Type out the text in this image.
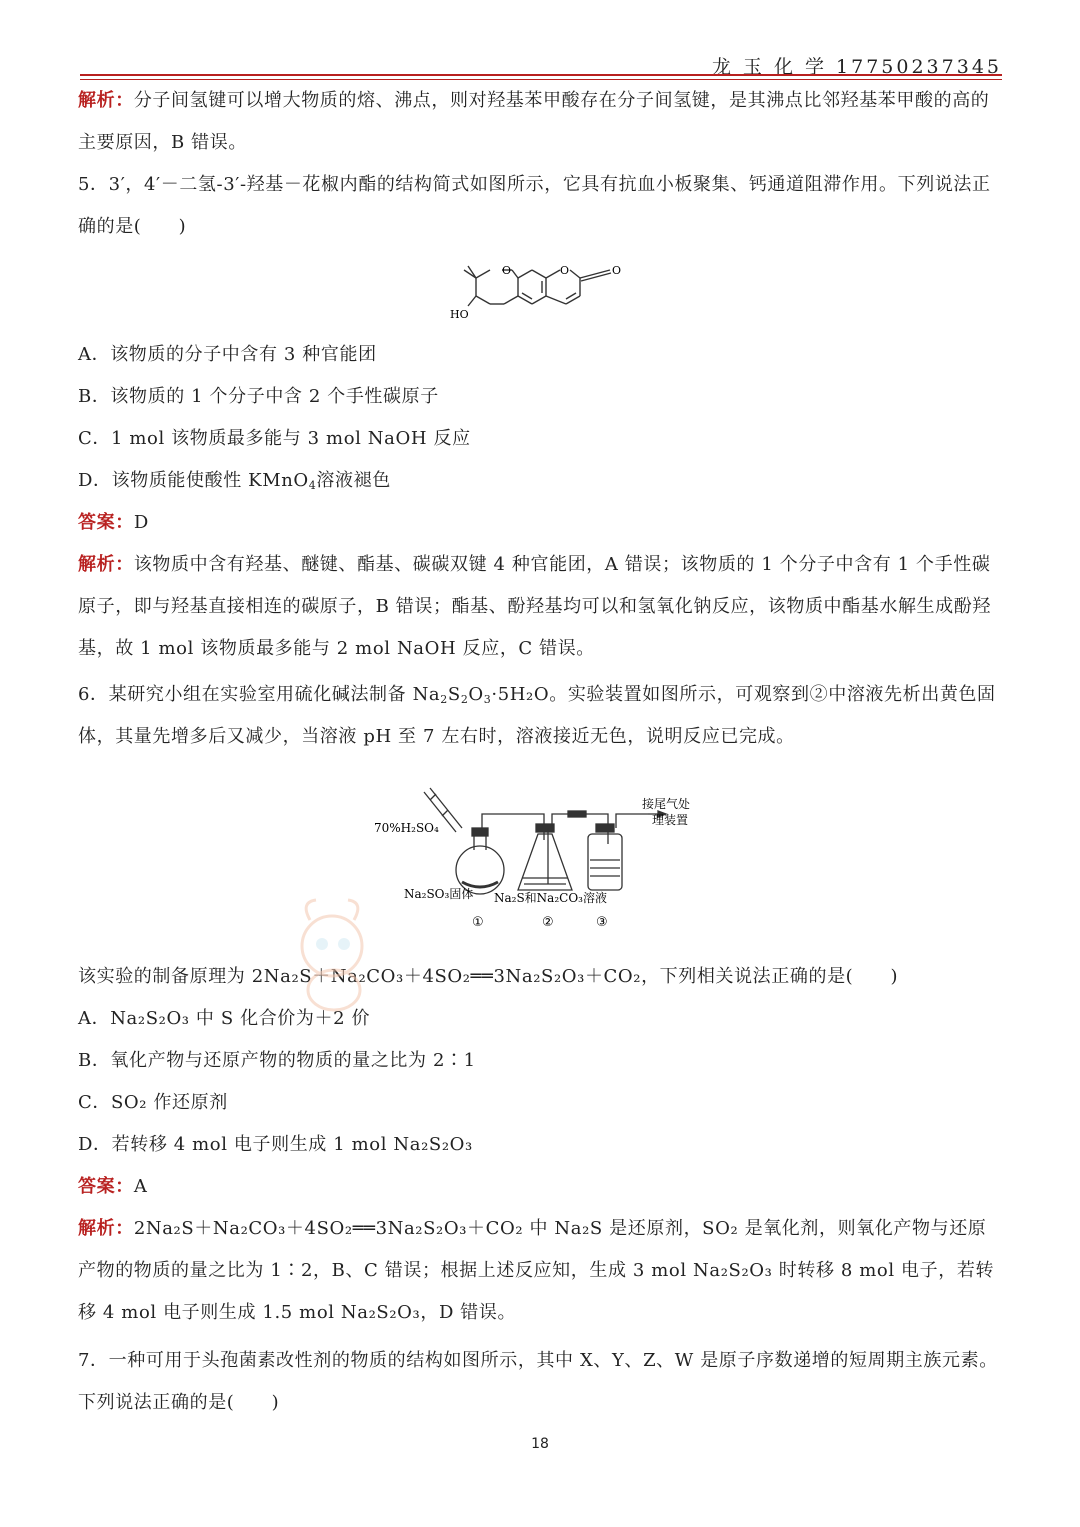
龙 玉 化 学 17750237345

解析：分子间氢键可以增大物质的熔、沸点，则对羟基苯甲酸存在分子间氢键，是其沸点比邻羟基苯甲酸的高的主要原因，B 错误。

5．3′，4′－二氢-3′-羟基－花椒内酯的结构简式如图所示，它具有抗血小板聚集、钙通道阻滞作用。下列说法正确的是(　　)

O	O	O
HO

A．该物质的分子中含有 3 种官能团

B．该物质的 1 个分子中含 2 个手性碳原子

C．1 mol 该物质最多能与 3 mol NaOH 反应

D．该物质能使酸性 KMnO$_4$溶液褪色

答案：D

解析：该物质中含有羟基、醚键、酯基、碳碳双键 4 种官能团，A 错误；该物质的 1 个分子中含有 1 个手性碳原子，即与羟基直接相连的碳原子，B 错误；酯基、酚羟基均可以和氢氧化钠反应，该物质中酯基水解生成酚羟基，故 1 mol 该物质最多能与 2 mol NaOH 反应，C 错误。

6．某研究小组在实验室用硫化碱法制备 $Na_2S_2O_3\cdot 5H_2O$。实验装置如图所示，可观察到②中溶液先析出黄色固体，其量先增多后又减少，当溶液 pH 至 7 左右时，溶液接近无色，说明反应已完成。

70%H₂SO₄
Na₂SO₃固体 Na₂S和Na₂CO₃溶液
接尾气处
理装置
①	②	③

该实验的制备原理为 2Na₂S＋Na₂CO₃＋4SO₂══3Na₂S₂O₃＋CO₂，下列相关说法正确的是(　　)

A．Na₂S₂O₃ 中 S 化合价为＋2 价

B．氧化产物与还原产物的物质的量之比为 2∶1

C．SO₂ 作还原剂

D．若转移 4 mol 电子则生成 1 mol Na₂S₂O₃

答案：A

解析：2Na₂S＋Na₂CO₃＋4SO₂══3Na₂S₂O₃＋CO₂ 中 Na₂S 是还原剂，SO₂ 是氧化剂，则氧化产物与还原产物的物质的量之比为 1∶2，B、C 错误；根据上述反应知，生成 3 mol Na₂S₂O₃ 时转移 8 mol 电子，若转移 4 mol 电子则生成 1.5 mol Na₂S₂O₃，D 错误。

7．一种可用于头孢菌素改性剂的物质的结构如图所示，其中 X、Y、Z、W 是原子序数递增的短周期主族元素。下列说法正确的是(　　)

18
